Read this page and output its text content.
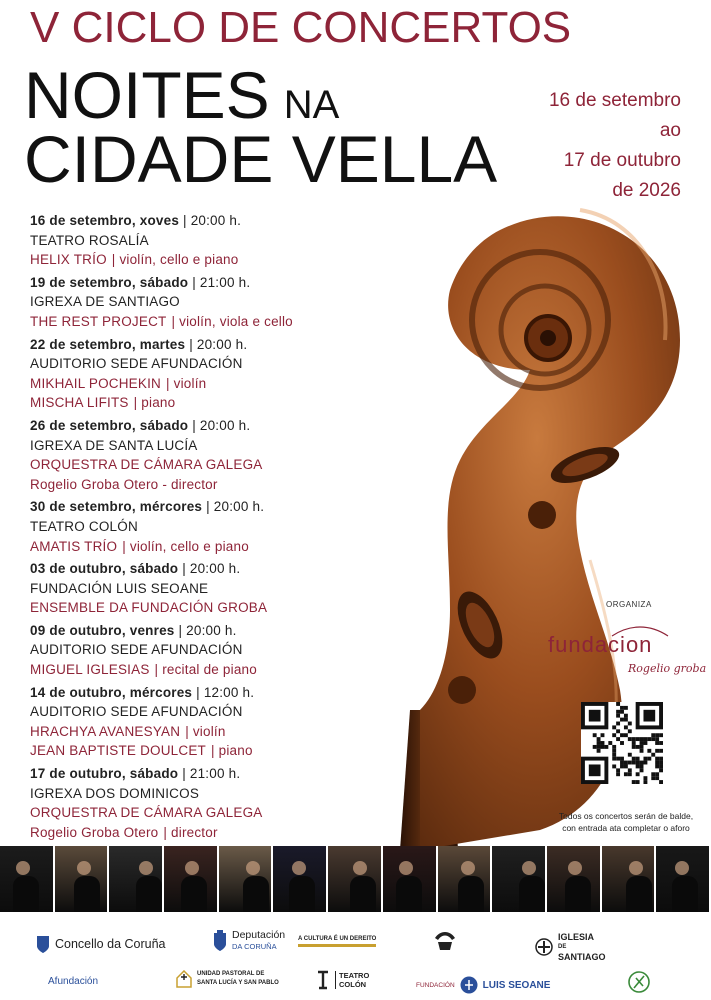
V CICLO DE CONCERTOS
NOITES NA
CIDADE VELLA
16 de setembro
ao
17 de outubro
de 2026
16 de setembro, xoves | 20:00 h.
TEATRO ROSALÍA
HELIX TRÍO | violín, cello e piano
19 de setembro, sábado | 21:00 h.
IGREXA DE SANTIAGO
THE REST PROJECT | violín, viola e cello
22 de setembro, martes | 20:00 h.
AUDITORIO SEDE AFUNDACIÓN
MIKHAIL POCHEKIN | violín
MISCHA LIFITS | piano
26 de setembro, sábado | 20:00 h.
IGREXA DE SANTA LUCÍA
ORQUESTRA DE CÁMARA GALEGA
Rogelio Groba Otero - director
30 de setembro, mércores | 20:00 h.
TEATRO COLÓN
AMATIS TRÍO | violín, cello e piano
03 de outubro, sábado | 20:00 h.
FUNDACIÓN LUIS SEOANE
ENSEMBLE DA FUNDACIÓN GROBA
09 de outubro, venres | 20:00 h.
AUDITORIO SEDE AFUNDACIÓN
MIGUEL IGLESIAS | recital de piano
14 de outubro, mércores | 12:00 h.
AUDITORIO SEDE AFUNDACIÓN
HRACHYA AVANESYAN | violín
JEAN BAPTISTE DOULCET | piano
17 de outubro, sábado | 21:00 h.
IGREXA DOS DOMINICOS
ORQUESTRA DE CÁMARA GALEGA
Rogelio Groba Otero | director
ORGANIZA
fundacion
Rogelio groba
Todos os concertos serán de balde,
con entrada ata completar o aforo
Concello da Coruña
Deputación
DA CORUÑA
A CULTURA É UN DEREITO	IGLESIA
DE
SANTIAGO
Afundación
UNIDAD PASTORAL DE
SANTA LUCÍA Y SAN PABLO
TEATRO
COLÓN	FUNDACIÓN	LUIS SEOANE
